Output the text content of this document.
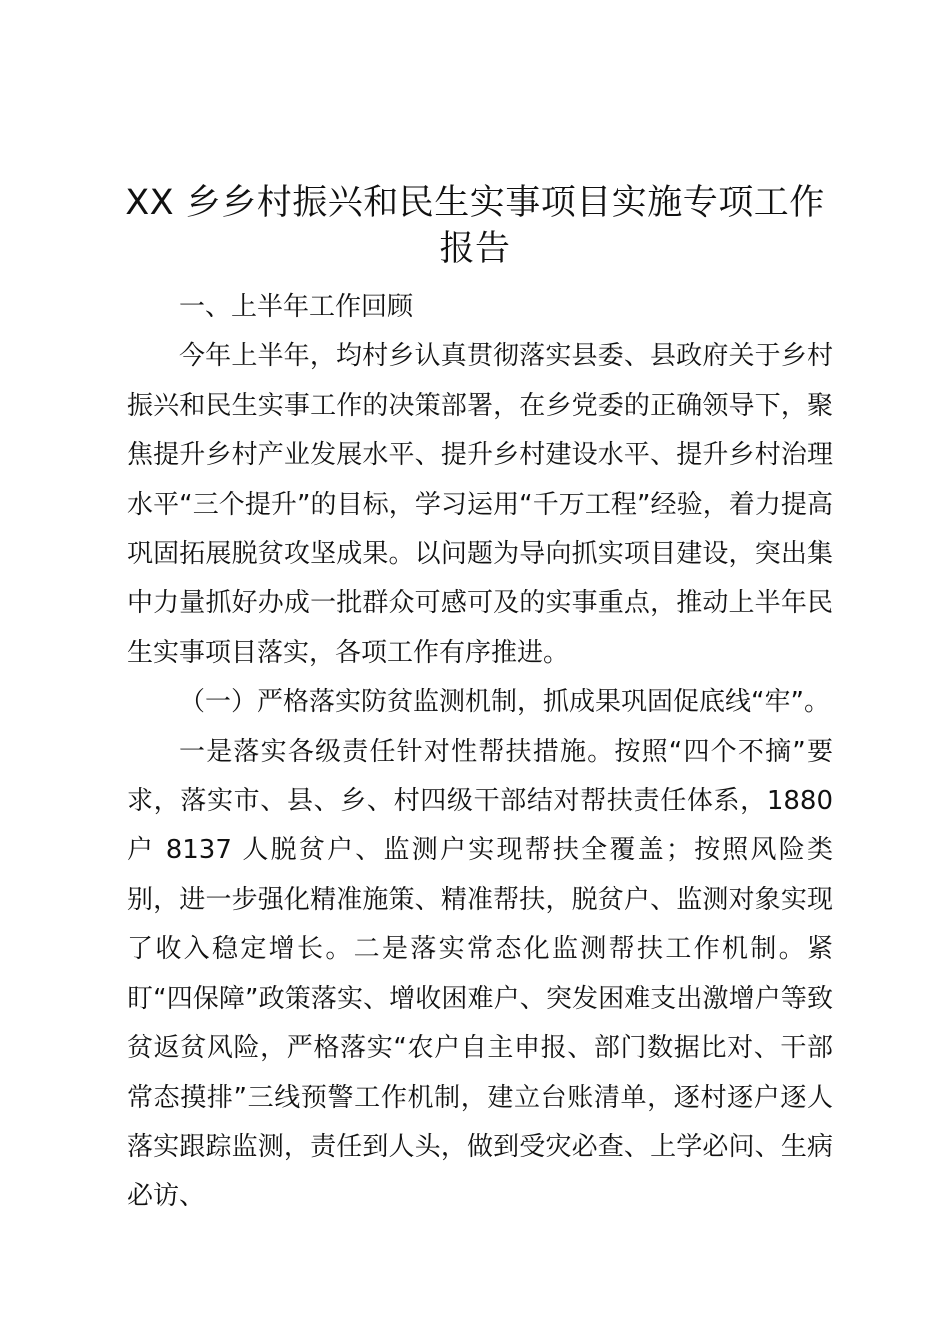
XX 乡乡村振兴和民生实事项目实施专项工作
报告

一、上半年工作回顾

今年上半年，均村乡认真贯彻落实县委、县政府关于乡村振兴和民生实事工作的决策部署，在乡党委的正确领导下，聚焦提升乡村产业发展水平、提升乡村建设水平、提升乡村治理水平“三个提升”的目标，学习运用“千万工程”经验，着力提高巩固拓展脱贫攻坚成果。以问题为导向抓实项目建设，突出集中力量抓好办成一批群众可感可及的实事重点，推动上半年民生实事项目落实，各项工作有序推进。

（一）严格落实防贫监测机制，抓成果巩固促底线“牢”。

一是落实各级责任针对性帮扶措施。按照“四个不摘”要求，落实市、县、乡、村四级干部结对帮扶责任体系，1880户 8137 人脱贫户、监测户实现帮扶全覆盖；按照风险类别，进一步强化精准施策、精准帮扶，脱贫户、监测对象实现了收入稳定增长。二是落实常态化监测帮扶工作机制。紧盯“四保障”政策落实、增收困难户、突发困难支出激增户等致贫返贫风险，严格落实“农户自主申报、部门数据比对、干部常态摸排”三线预警工作机制，建立台账清单，逐村逐户逐人落实跟踪监测，责任到人头，做到受灾必查、上学必问、生病必访、
